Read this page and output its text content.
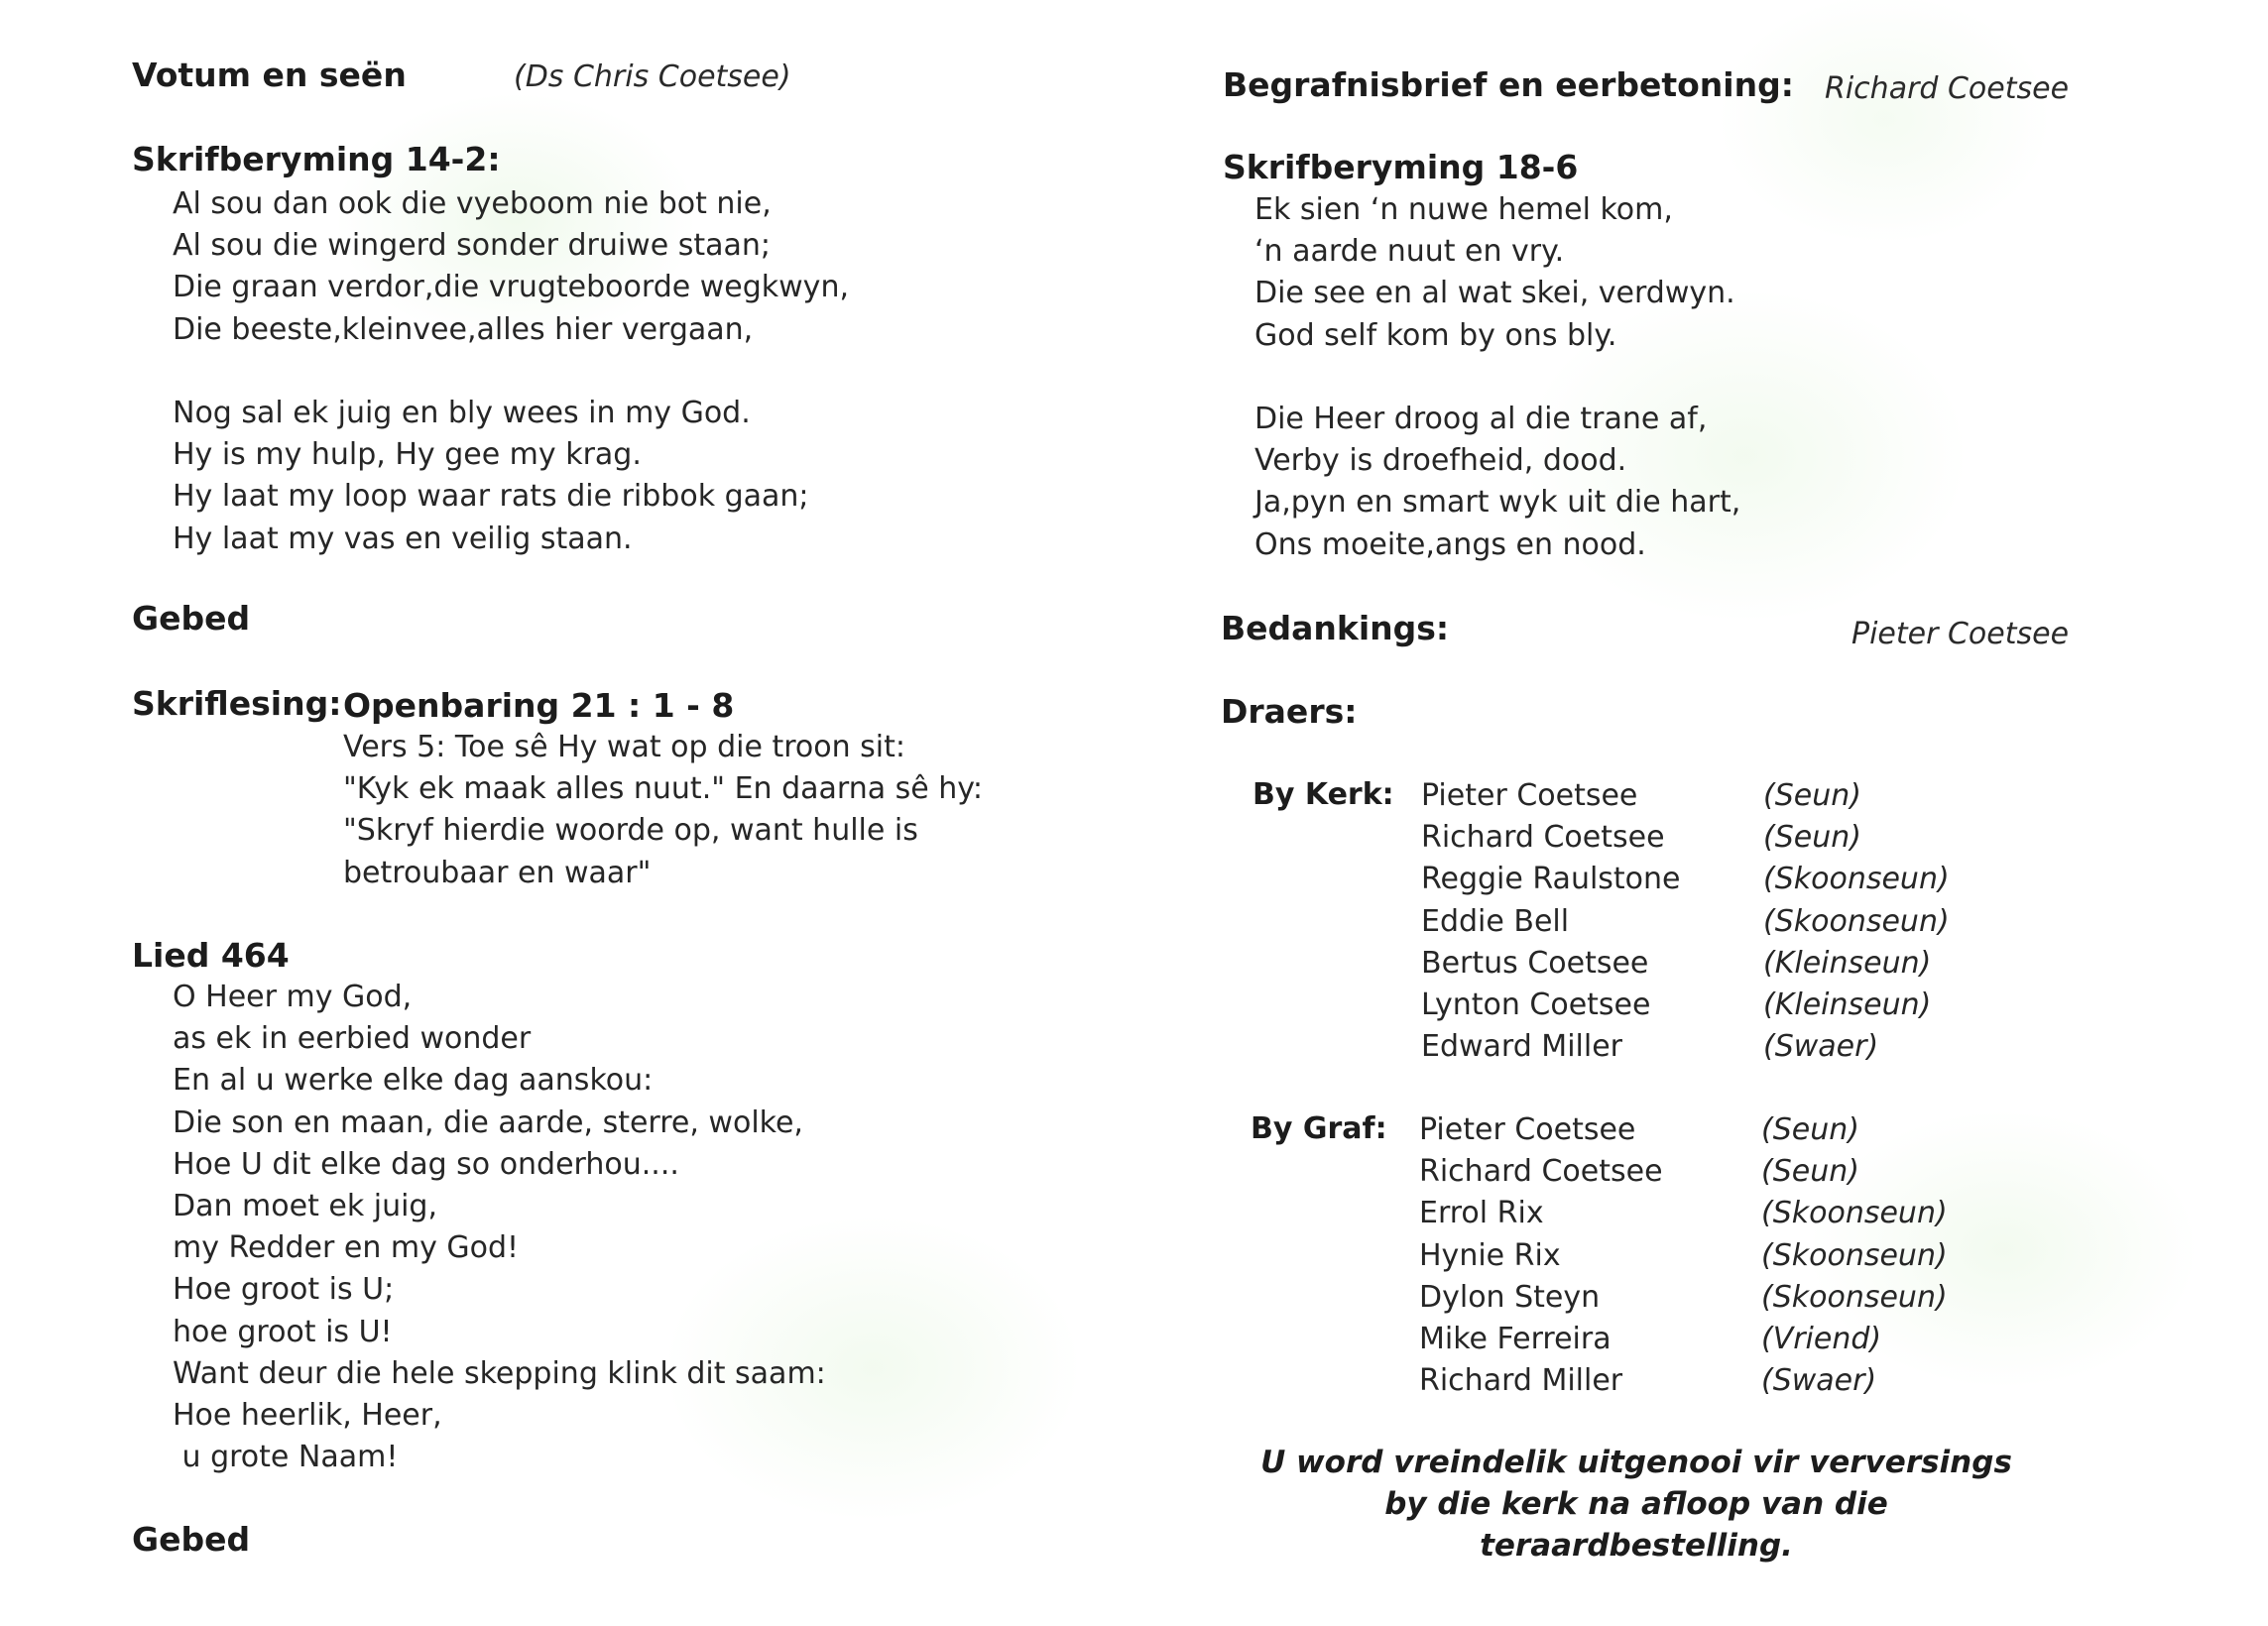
Votum en seën	(Ds Chris Coetsee)
Skrifberyming 14-2:
Al sou dan ook die vyeboom nie bot nie,
Al sou die wingerd sonder druiwe staan;
Die graan verdor,die vrugteboorde wegkwyn,
Die beeste,kleinvee,alles hier vergaan,
Nog sal ek juig en bly wees in my God.
Hy is my hulp, Hy gee my krag.
Hy laat my loop waar rats die ribbok gaan;
Hy laat my vas en veilig staan.
Gebed
Skriflesing: Openbaring 21 : 1 - 8
Vers 5: Toe sê Hy wat op die troon sit:
"Kyk ek maak alles nuut." En daarna sê hy:
"Skryf hierdie woorde op, want hulle is
betroubaar en waar"
Lied 464
O Heer my God,
as ek in eerbied wonder
En al u werke elke dag aanskou:
Die son en maan, die aarde, sterre, wolke,
Hoe U dit elke dag so onderhou....
Dan moet ek juig,
my Redder en my God!
Hoe groot is U;
hoe groot is U!
Want deur die hele skepping klink dit saam:
Hoe heerlik, Heer,
u grote Naam!
Gebed
Begrafnisbrief en eerbetoning: Richard Coetsee
Skrifberyming 18-6
Ek sien ‘n nuwe hemel kom,
‘n aarde nuut en vry.
Die see en al wat skei, verdwyn.
God self kom by ons bly.
Die Heer droog al die trane af,
Verby is droefheid, dood.
Ja,pyn en smart wyk uit die hart,
Ons moeite,angs en nood.
Bedankings:	Pieter Coetsee
Draers:
By Kerk: Pieter Coetsee	(Seun)
Richard Coetsee	(Seun)
Reggie Raulstone	(Skoonseun)
Eddie Bell	(Skoonseun)
Bertus Coetsee	(Kleinseun)
Lynton Coetsee	(Kleinseun)
Edward Miller	(Swaer)
By Graf: Pieter Coetsee	(Seun)
Richard Coetsee	(Seun)
Errol Rix	(Skoonseun)
Hynie Rix	(Skoonseun)
Dylon Steyn	(Skoonseun)
Mike Ferreira	(Vriend)
Richard Miller	(Swaer)
U word vreindelik uitgenooi vir verversings
by die kerk na afloop van die teraardbestelling.
